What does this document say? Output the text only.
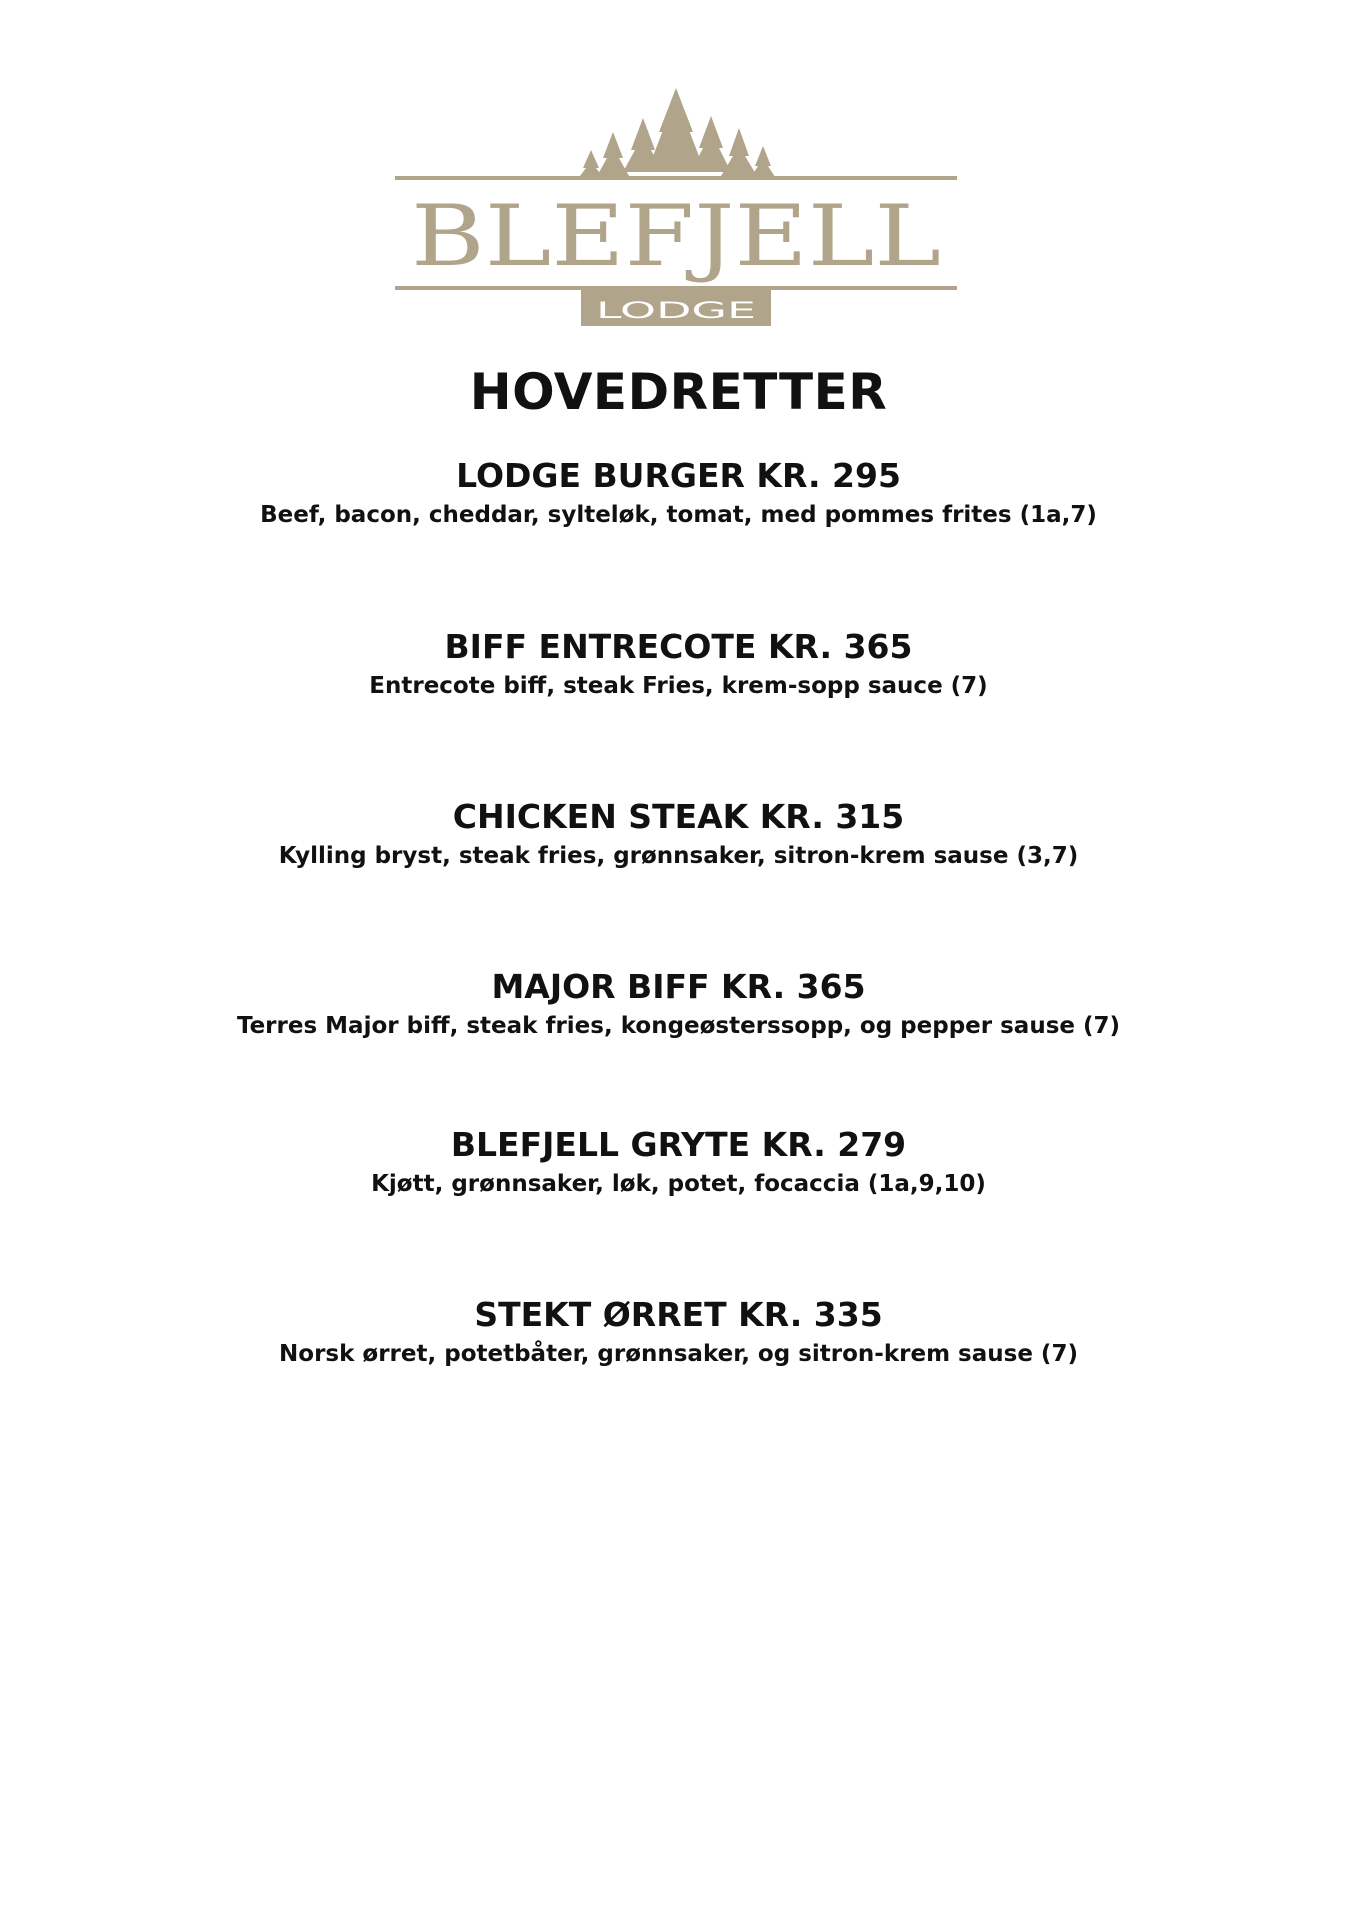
BLEFJELL
LODGE
HOVEDRETTER

LODGE BURGER KR. 295

Beef, bacon, cheddar, sylteløk, tomat, med pommes frites (1a,7)

BIFF ENTRECOTE KR. 365

Entrecote biff, steak Fries, krem-sopp sauce (7)

CHICKEN STEAK KR. 315

Kylling bryst, steak fries, grønnsaker, sitron-krem sause (3,7)

MAJOR BIFF KR. 365

Terres Major biff, steak fries, kongeøsterssopp, og pepper sause (7)

BLEFJELL GRYTE KR. 279

Kjøtt, grønnsaker, løk, potet, focaccia (1a,9,10)

STEKT ØRRET KR. 335

Norsk ørret, potetbåter, grønnsaker, og sitron-krem sause (7)
